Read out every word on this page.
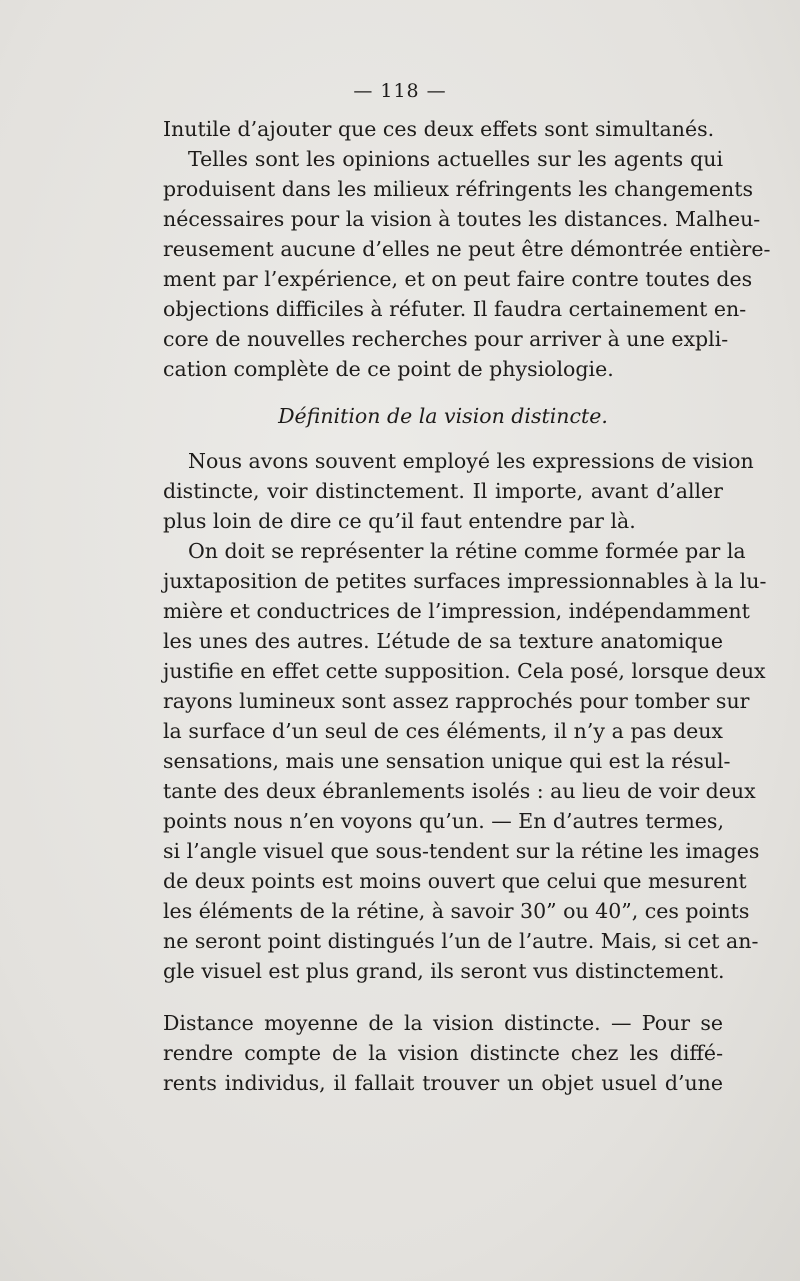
— 118 —
Inutile d’ajouter que ces deux effets sont simultanés.
Telles sont les opinions actuelles sur les agents qui
produisent dans les milieux réfringents les changements
nécessaires pour la vision à toutes les distances. Malheu-
reusement aucune d’elles ne peut être démontrée entière-
ment par l’expérience, et on peut faire contre toutes des
objections difficiles à réfuter. Il faudra certainement en-
core de nouvelles recherches pour arriver à une expli-
cation complète de ce point de physiologie.
Définition de la vision distincte.
Nous avons souvent employé les expressions de vision
distincte, voir distinctement. Il importe, avant d’aller
plus loin de dire ce qu’il faut entendre par là.
On doit se représenter la rétine comme formée par la
juxtaposition de petites surfaces impressionnables à la lu-
mière et conductrices de l’impression, indépendamment
les unes des autres. L’étude de sa texture anatomique
justifie en effet cette supposition. Cela posé, lorsque deux
rayons lumineux sont assez rapprochés pour tomber sur
la surface d’un seul de ces éléments, il n’y a pas deux
sensations, mais une sensation unique qui est la résul-
tante des deux ébranlements isolés : au lieu de voir deux
points nous n’en voyons qu’un. — En d’autres termes,
si l’angle visuel que sous-tendent sur la rétine les images
de deux points est moins ouvert que celui que mesurent
les éléments de la rétine, à savoir 30” ou 40”, ces points
ne seront point distingués l’un de l’autre. Mais, si cet an-
gle visuel est plus grand, ils seront vus distinctement.
Distance moyenne de la vision distincte. — Pour se
rendre compte de la vision distincte chez les diffé-
rents individus, il fallait trouver un objet usuel d’une
